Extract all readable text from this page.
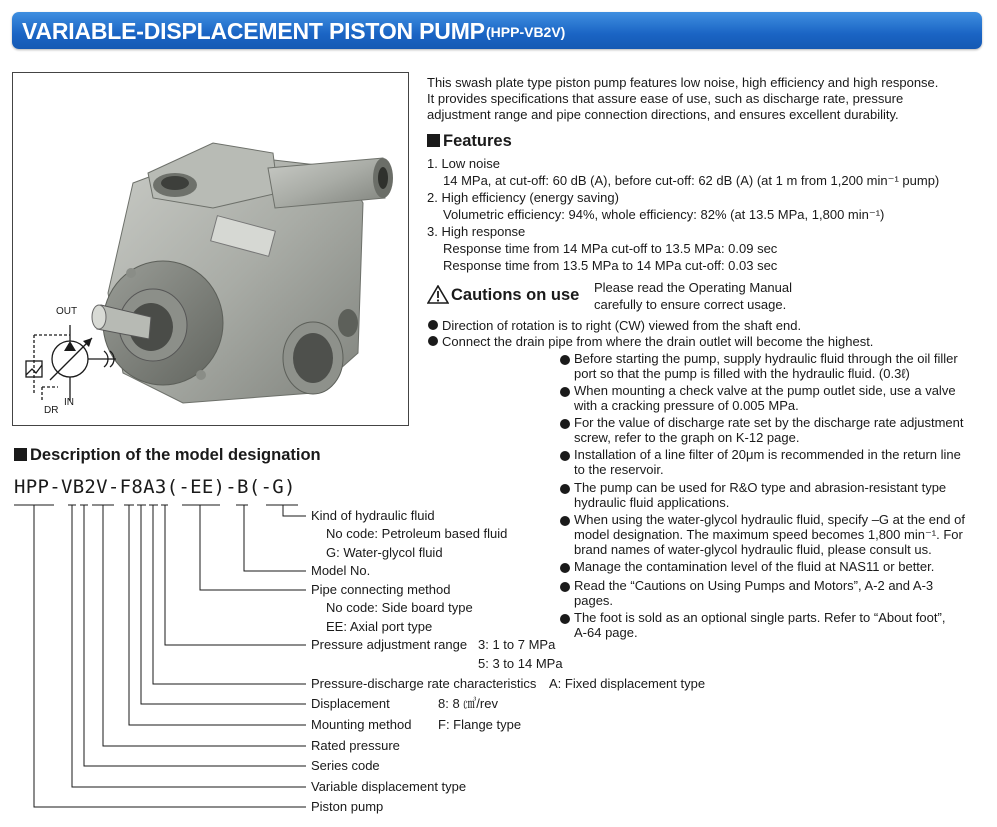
VARIABLE-DISPLACEMENT PISTON PUMP (HPP-VB2V)
OUT
IN
DR
This swash plate type piston pump features low noise, high efficiency and high response.
It provides specifications that assure ease of use, such as discharge rate, pressure
adjustment range and pipe connection directions, and ensures excellent durability.
Features
1. Low noise
14 MPa, at cut-off: 60 dB (A), before cut-off: 62 dB (A) (at 1 m from 1,200 min⁻¹ pump)
2. High efficiency (energy saving)
Volumetric efficiency: 94%, whole efficiency: 82% (at 13.5 MPa, 1,800 min⁻¹)
3. High response
Response time from 14 MPa cut-off to 13.5 MPa: 0.09 sec
Response time from 13.5 MPa to 14 MPa cut-off: 0.03 sec
Cautions on use Please read the Operating Manual
carefully to ensure correct usage.
Direction of rotation is to right (CW) viewed from the shaft end.
Connect the drain pipe from where the drain outlet will become the highest.
Before starting the pump, supply hydraulic fluid through the oil filler
port so that the pump is filled with the hydraulic fluid. (0.3ℓ)
When mounting a check valve at the pump outlet side, use a valve
with a cracking pressure of 0.005 MPa.
For the value of discharge rate set by the discharge rate adjustment
screw, refer to the graph on K-12 page.
Installation of a line filter of 20μm is recommended in the return line
to the reservoir.
The pump can be used for R&O type and abrasion-resistant type
hydraulic fluid applications.
When using the water-glycol hydraulic fluid, specify –G at the end of
model designation. The maximum speed becomes 1,800 min⁻¹. For
brand names of water-glycol hydraulic fluid, please consult us.
Manage the contamination level of the fluid at NAS11 or better.
Read the “Cautions on Using Pumps and Motors”, A-2 and A-3
pages.
The foot is sold as an optional single parts. Refer to “About foot”,
A-64 page.
Description of the model designation
HPP-VB2V-F8A3(-EE)-B(-G)
Kind of hydraulic fluid
No code: Petroleum based fluid
G: Water-glycol fluid
Model No.
Pipe connecting method
No code: Side board type
EE: Axial port type
Pressure adjustment range 3: 1 to 7 MPa
5: 3 to 14 MPa
Pressure-discharge rate characteristics A: Fixed displacement type
Displacement	8: 8 ㎤/rev
Mounting method F: Flange type
Rated pressure
Series code
Variable displacement type
Piston pump
